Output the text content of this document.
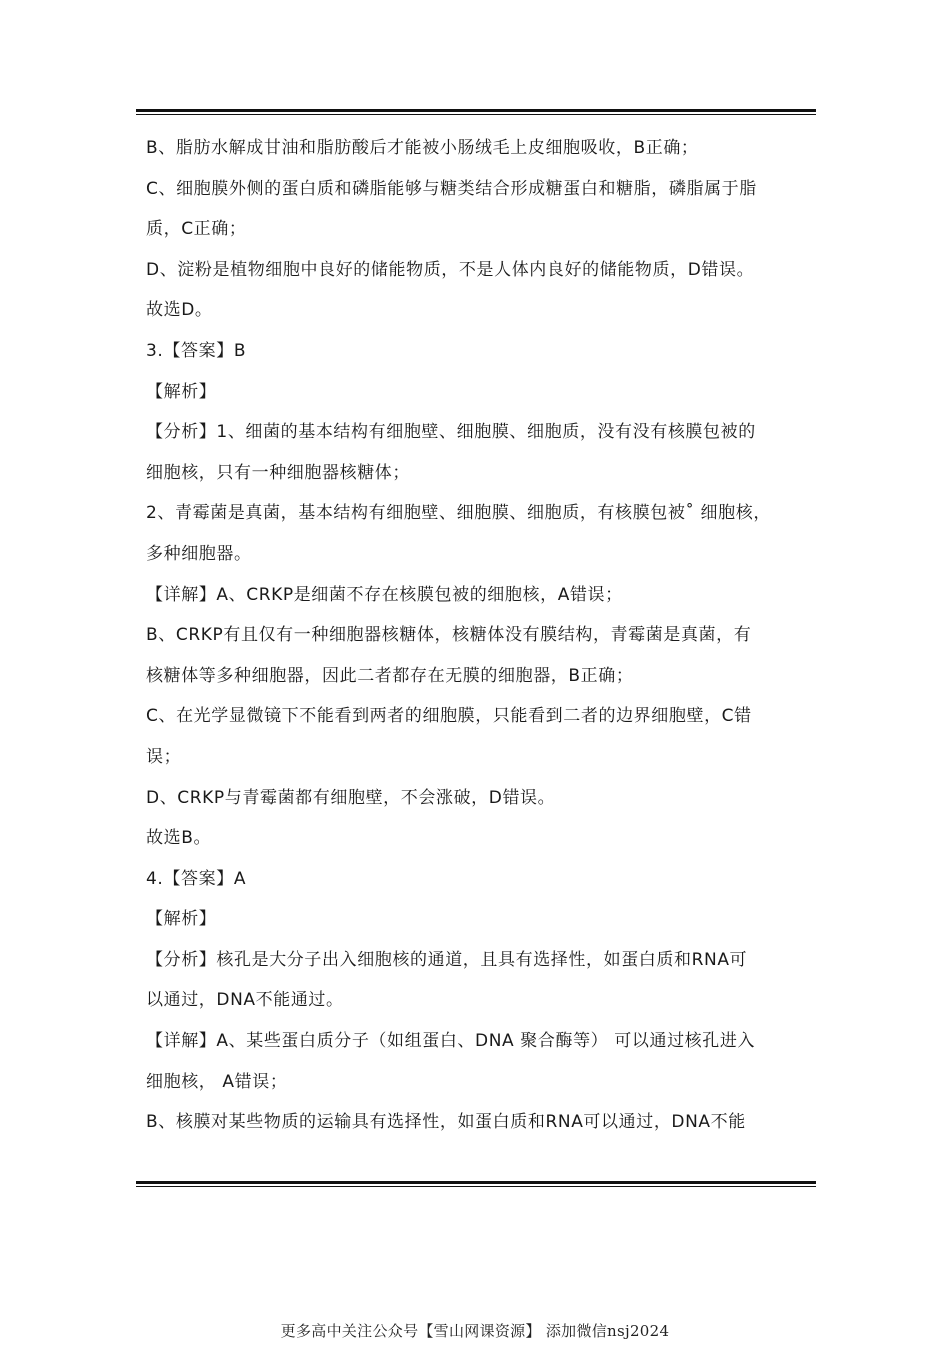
B、脂肪水解成甘油和脂肪酸后才能被小肠绒毛上皮细胞吸收，B正确；
C、细胞膜外侧的蛋白质和磷脂能够与糖类结合形成糖蛋白和糖脂，磷脂属于脂
质，C正确；
D、淀粉是植物细胞中良好的储能物质，不是人体内良好的储能物质，D错误。
故选D。
3.【答案】B
【解析】
【分析】1、细菌的基本结构有细胞壁、细胞膜、细胞质，没有没有核膜包被的
细胞核，只有一种细胞器核糖体；
2、青霉菌是真菌，基本结构有细胞壁、细胞膜、细胞质，有核膜包被˚ 细胞核，
多种细胞器。
【详解】A、CRKP是细菌不存在核膜包被的细胞核，A错误；
B、CRKP有且仅有一种细胞器核糖体，核糖体没有膜结构，青霉菌是真菌，有
核糖体等多种细胞器，因此二者都存在无膜的细胞器，B正确；
C、在光学显微镜下不能看到两者的细胞膜，只能看到二者的边界细胞壁，C错
误；
D、CRKP与青霉菌都有细胞壁，不会涨破，D错误。
故选B。
4.【答案】A
【解析】
【分析】核孔是大分子出入细胞核的通道，且具有选择性，如蛋白质和RNA可
以通过，DNA不能通过。
【详解】A、某些蛋白质分子（如组蛋白、DNA 聚合酶等） 可以通过核孔进入
细胞核， A错误；
B、核膜对某些物质的运输具有选择性，如蛋白质和RNA可以通过，DNA不能
更多高中关注公众号【雪山网课资源】 添加微信nsj2024
